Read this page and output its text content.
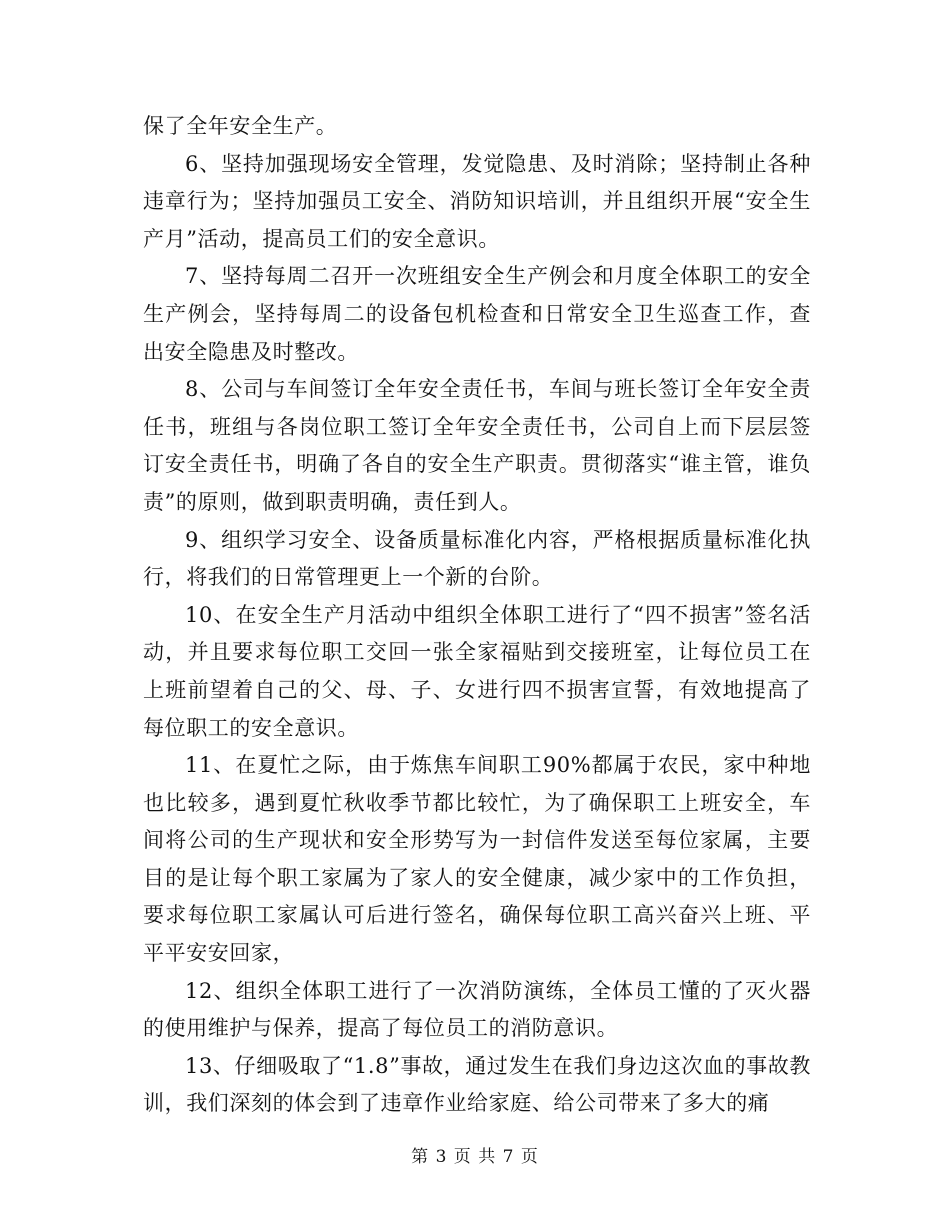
保了全年安全生产。

6、坚持加强现场安全管理，发觉隐患、及时消除；坚持制止各种违章行为；坚持加强员工安全、消防知识培训，并且组织开展“安全生产月”活动，提高员工们的安全意识。

7、坚持每周二召开一次班组安全生产例会和月度全体职工的安全生产例会，坚持每周二的设备包机检查和日常安全卫生巡查工作，查出安全隐患及时整改。

8、公司与车间签订全年安全责任书，车间与班长签订全年安全责任书，班组与各岗位职工签订全年安全责任书，公司自上而下层层签订安全责任书，明确了各自的安全生产职责。贯彻落实“谁主管，谁负责”的原则，做到职责明确，责任到人。

9、组织学习安全、设备质量标准化内容，严格根据质量标准化执行，将我们的日常管理更上一个新的台阶。

10、在安全生产月活动中组织全体职工进行了“四不损害”签名活动，并且要求每位职工交回一张全家福贴到交接班室，让每位员工在上班前望着自己的父、母、子、女进行四不损害宣誓，有效地提高了每位职工的安全意识。

11、在夏忙之际，由于炼焦车间职工90%都属于农民，家中种地也比较多，遇到夏忙秋收季节都比较忙，为了确保职工上班安全，车间将公司的生产现状和安全形势写为一封信件发送至每位家属，主要目的是让每个职工家属为了家人的安全健康，减少家中的工作负担，要求每位职工家属认可后进行签名，确保每位职工高兴奋兴上班、平平平安安回家，

12、组织全体职工进行了一次消防演练，全体员工懂的了灭火器的使用维护与保养，提高了每位员工的消防意识。

13、仔细吸取了“1.8”事故，通过发生在我们身边这次血的事故教训，我们深刻的体会到了违章作业给家庭、给公司带来了多大的痛

第 3 页 共 7 页
